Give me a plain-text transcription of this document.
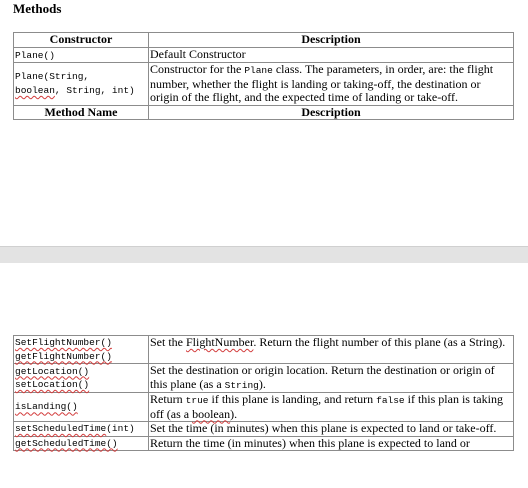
Methods
Constructor	Description
Plane()	Default Constructor

Plane(String,
boolean, String, int)	Constructor for the Plane class. The parameters, in order, are: the flight number, whether the flight is landing or taking-off, the destination or origin of the flight, and the expected time of landing or take-off.
Method Name	Description
SetFlightNumber()
getFlightNumber()	Set the FlightNumber. Return the flight number of this plane (as a String).

getLocation()
setLocation()	Set the destination or origin location. Return the destination or origin of this plane (as a String).

isLanding()	Return true if this plane is landing, and return false if this plan is taking off (as a boolean).

setScheduledTime(int)	Set the time (in minutes) when this plane is expected to land or take-off.

getScheduledTime()	Return the time (in minutes) when this plane is expected to land or
